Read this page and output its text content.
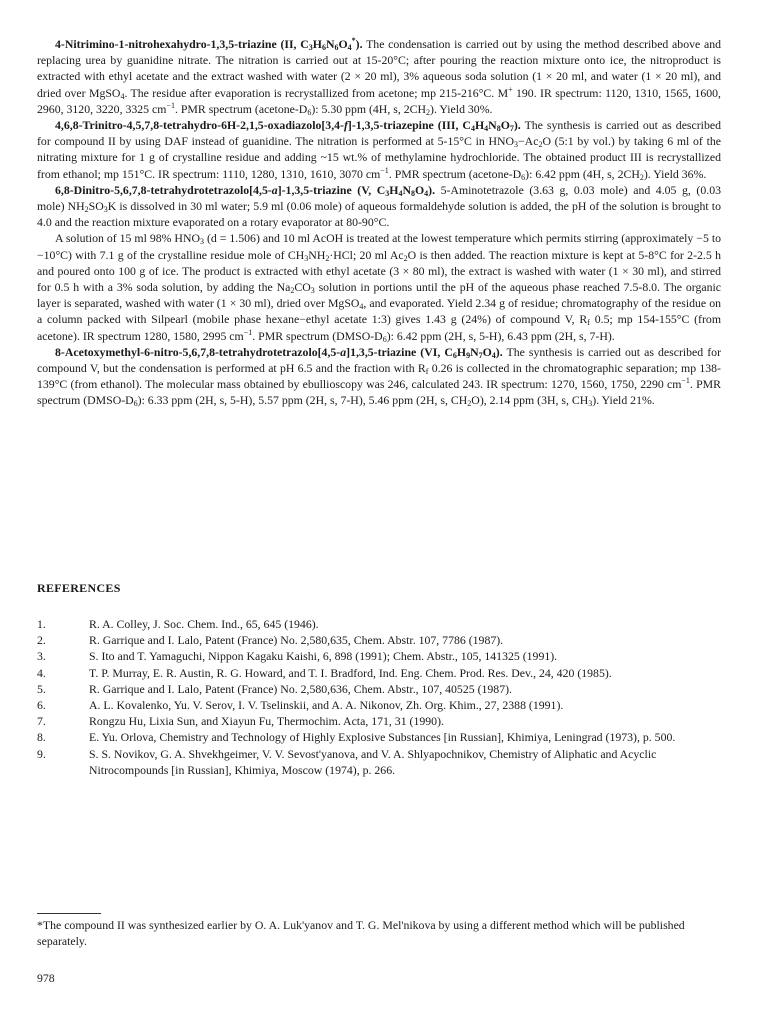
4-Nitrimino-1-nitrohexahydro-1,3,5-triazine (II, $C_3H_6N_6O_4^*$). The condensation is carried out by using the method described above and replacing urea by guanidine nitrate. The nitration is carried out at 15-20°C; after pouring the reaction mixture onto ice, the nitroproduct is extracted with ethyl acetate and the extract washed with water (2 × 20 ml), 3% aqueous soda solution (1 × 20 ml, and water (1 × 20 ml), and dried over MgSO$_4$. The residue after evaporation is recrystallized from acetone; mp 215-216°C. M+ 190. IR spectrum: 1120, 1310, 1565, 1600, 2960, 3120, 3220, 3325 $cm^{-1}$. PMR spectrum $(acetone-D_6)$: 5.30 ppm (4H, s, $2CH_2$). Yield 30%.

4,6,8-Trinitro-4,5,7,8-tetrahydro-6H-2,1,5-oxadiazolo[3,4-f]-1,3,5-triazepine (III, $C_4H_4N_8O_7$). The synthesis is carried out as described for compound II by using DAF instead of guanidine. The nitration is performed at 5-15°C in $HNO_3-Ac_2O$ (5:1 by vol.) by taking 6 ml of the nitrating mixture for 1 g of crystalline residue and adding ~15 wt.% of methylamine hydrochloride. The obtained product III is recrystallized from ethanol; mp 151°C. IR spectrum: 1110, 1280, 1310, 1610, 3070 $cm^{-1}$. PMR spectrum $(acetone-D_6)$: 6.42 ppm (4H, s, $2CH_2$). Yield 36%.

6,8-Dinitro-5,6,7,8-tetrahydrotetrazolo[4,5-a]-1,3,5-triazine (V, $C_3H_4N_8O_4$). 5-Aminotetrazole (3.63 g, 0.03 mole) and 4.05 g, (0.03 mole) $NH_2SO_3K$ is dissolved in 30 ml water; 5.9 ml (0.06 mole) of aqueous formaldehyde solution is added, the pH of the solution is brought to 4.0 and the reaction mixture evaporated on a rotary evaporator at 80-90°C.

A solution of 15 ml 98% $HNO_3$ (d = 1.506) and 10 ml AcOH is treated at the lowest temperature which permits stirring (approximately −5 to −10°C) with 7.1 g of the crystalline residue mole of $CH_3NH_2\cdot HCl$; 20 ml $Ac_2O$ is then added. The reaction mixture is kept at 5-8°C for 2-2.5 h and poured onto 100 g of ice. The product is extracted with ethyl acetate (3 × 80 ml), the extract is washed with water (1 × 30 ml), and stirred for 0.5 h with a 3% soda solution, by adding the $Na_2CO_3$ solution in portions until the pH of the aqueous phase reached 7.5-8.0. The organic layer is separated, washed with water (1 × 30 ml), dried over MgSO$_4$, and evaporated. Yield 2.34 g of residue; chromatography of the residue on a column packed with Silpearl (mobile phase hexane−ethyl acetate 1:3) gives 1.43 g (24%) of compound V, $R_f$ 0.5; mp 154-155°C (from acetone). IR spectrum 1280, 1580, 2995 $cm^{-1}$. PMR spectrum $(DMSO-D_6)$: 6.42 ppm (2H, s, 5-H), 6.43 ppm (2H, s, 7-H).

8-Acetoxymethyl-6-nitro-5,6,7,8-tetrahydrotetrazolo[4,5-a]1,3,5-triazine (VI, $C_6H_9N_7O_4$). The synthesis is carried out as described for compound V, but the condensation is performed at pH 6.5 and the fraction with $R_f$ 0.26 is collected in the chromatographic separation; mp 138-139°C (from ethanol). The molecular mass obtained by ebullioscopy was 246, calculated 243. IR spectrum: 1270, 1560, 1750, 2290 $cm^{-1}$. PMR spectrum $(DMSO-D_6)$: 6.33 ppm (2H, s, 5-H), 5.57 ppm (2H, s, 7-H), 5.46 ppm (2H, s, $CH_2O$), 2.14 ppm (3H, s, $CH_3$). Yield 21%.

REFERENCES
1.	R. A. Colley, J. Soc. Chem. Ind., 65, 645 (1946).
2.	R. Garrique and I. Lalo, Patent (France) No. 2,580,635, Chem. Abstr. 107, 7786 (1987).
3.	S. Ito and T. Yamaguchi, Nippon Kagaku Kaishi, 6, 898 (1991); Chem. Abstr., 105, 141325 (1991).
4.	T. P. Murray, E. R. Austin, R. G. Howard, and T. I. Bradford, Ind. Eng. Chem. Prod. Res. Dev., 24, 420 (1985).
5.	R. Garrique and I. Lalo, Patent (France) No. 2,580,636, Chem. Abstr., 107, 40525 (1987).
6.	A. L. Kovalenko, Yu. V. Serov, I. V. Tselinskii, and A. A. Nikonov, Zh. Org. Khim., 27, 2388 (1991).
7.	Rongzu Hu, Lixia Sun, and Xiayun Fu, Thermochim. Acta, 171, 31 (1990).
8.	E. Yu. Orlova, Chemistry and Technology of Highly Explosive Substances [in Russian], Khimiya, Leningrad (1973), p. 500.
9.	S. S. Novikov, G. A. Shvekhgeimer, V. V. Sevost'yanova, and V. A. Shlyapochnikov, Chemistry of Aliphatic and Acyclic Nitrocompounds [in Russian], Khimiya, Moscow (1974), p. 266.
*The compound II was synthesized earlier by O. A. Luk'yanov and T. G. Mel'nikova by using a different method which will be published separately.
978
